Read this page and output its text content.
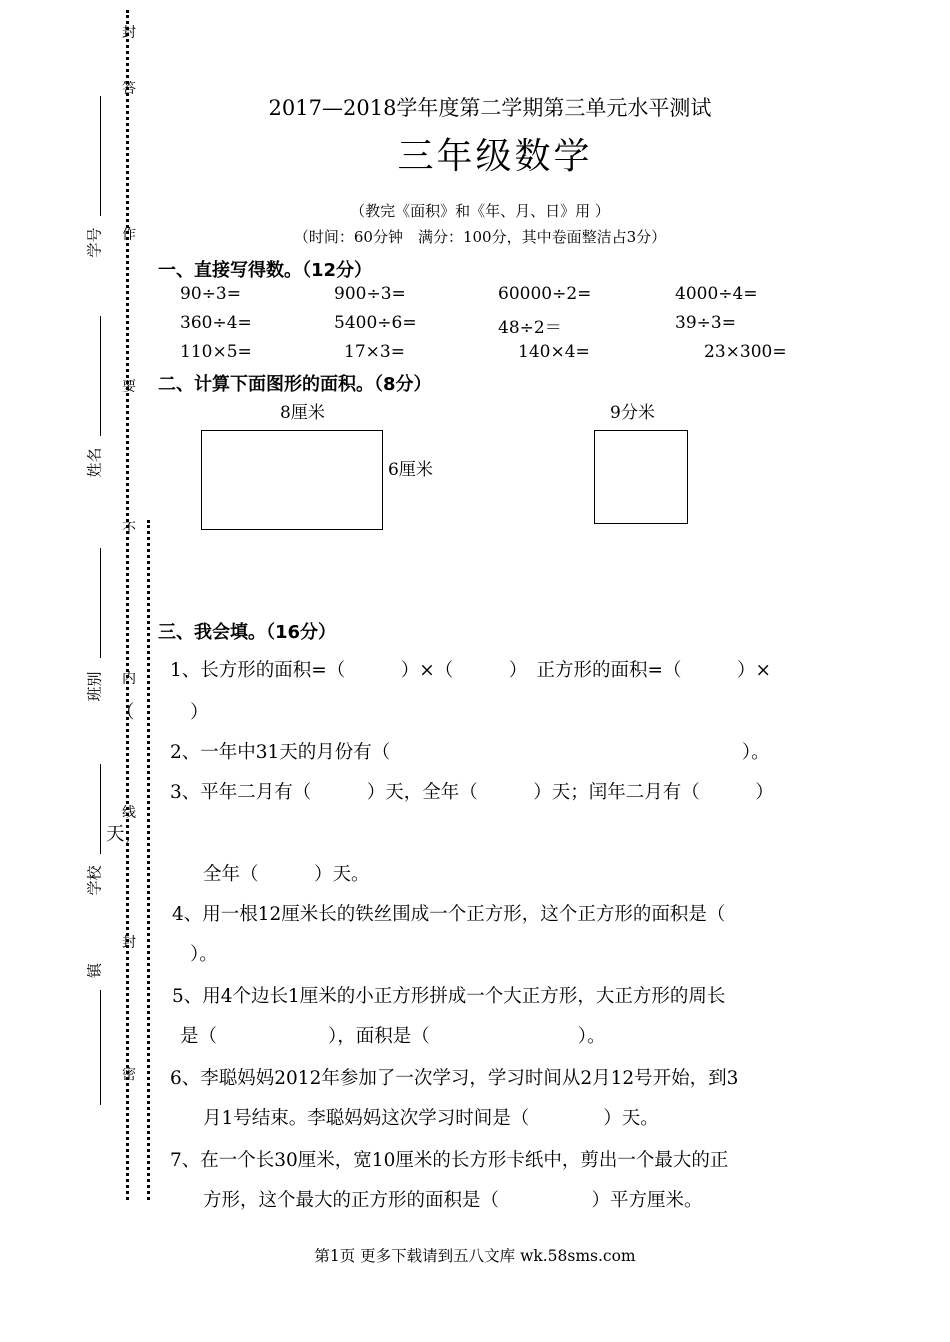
学号
姓名
班别
学校
镇
封
答
作
要
不
内
线
封
密
2017—2018学年度第二学期第三单元水平测试
三年级数学
（教完《面积》和《年、月、日》用 ）
（时间：60分钟　满分：100分，其中卷面整洁占3分）
一、直接写得数。（12分）
90÷3=	900÷3=	60000÷2=	4000÷4=
360÷4=	5400÷6=	48÷2＝	39÷3=
110×5=	17×3=	140×4=	23×300=
二、计算下面图形的面积。（8分）
8厘米
6厘米
9分米
三、我会填。（16分）
1、长方形的面积=（　　　）×（　　　）　正方形的面积=（　　　）×
（　　　）
2、一年中31天的月份有（　　　　　　　　　　　　　　　　　　　）。
3、平年二月有（　　　）天，全年（　　　）天；闰年二月有（　　　）
天，
全年（　　　）天。
4、用一根12厘米长的铁丝围成一个正方形，这个正方形的面积是（
）。
5、用4个边长1厘米的小正方形拼成一个大正方形，大正方形的周长
是（　　　　　　），面积是（　　　　　　　　）。
6、李聪妈妈2012年参加了一次学习，学习时间从2月12号开始，到3
月1号结束。李聪妈妈这次学习时间是（　　　　）天。
7、在一个长30厘米，宽10厘米的长方形卡纸中，剪出一个最大的正
方形，这个最大的正方形的面积是（　　　　　）平方厘米。
第1页 更多下载请到五八文库 wk.58sms.com
